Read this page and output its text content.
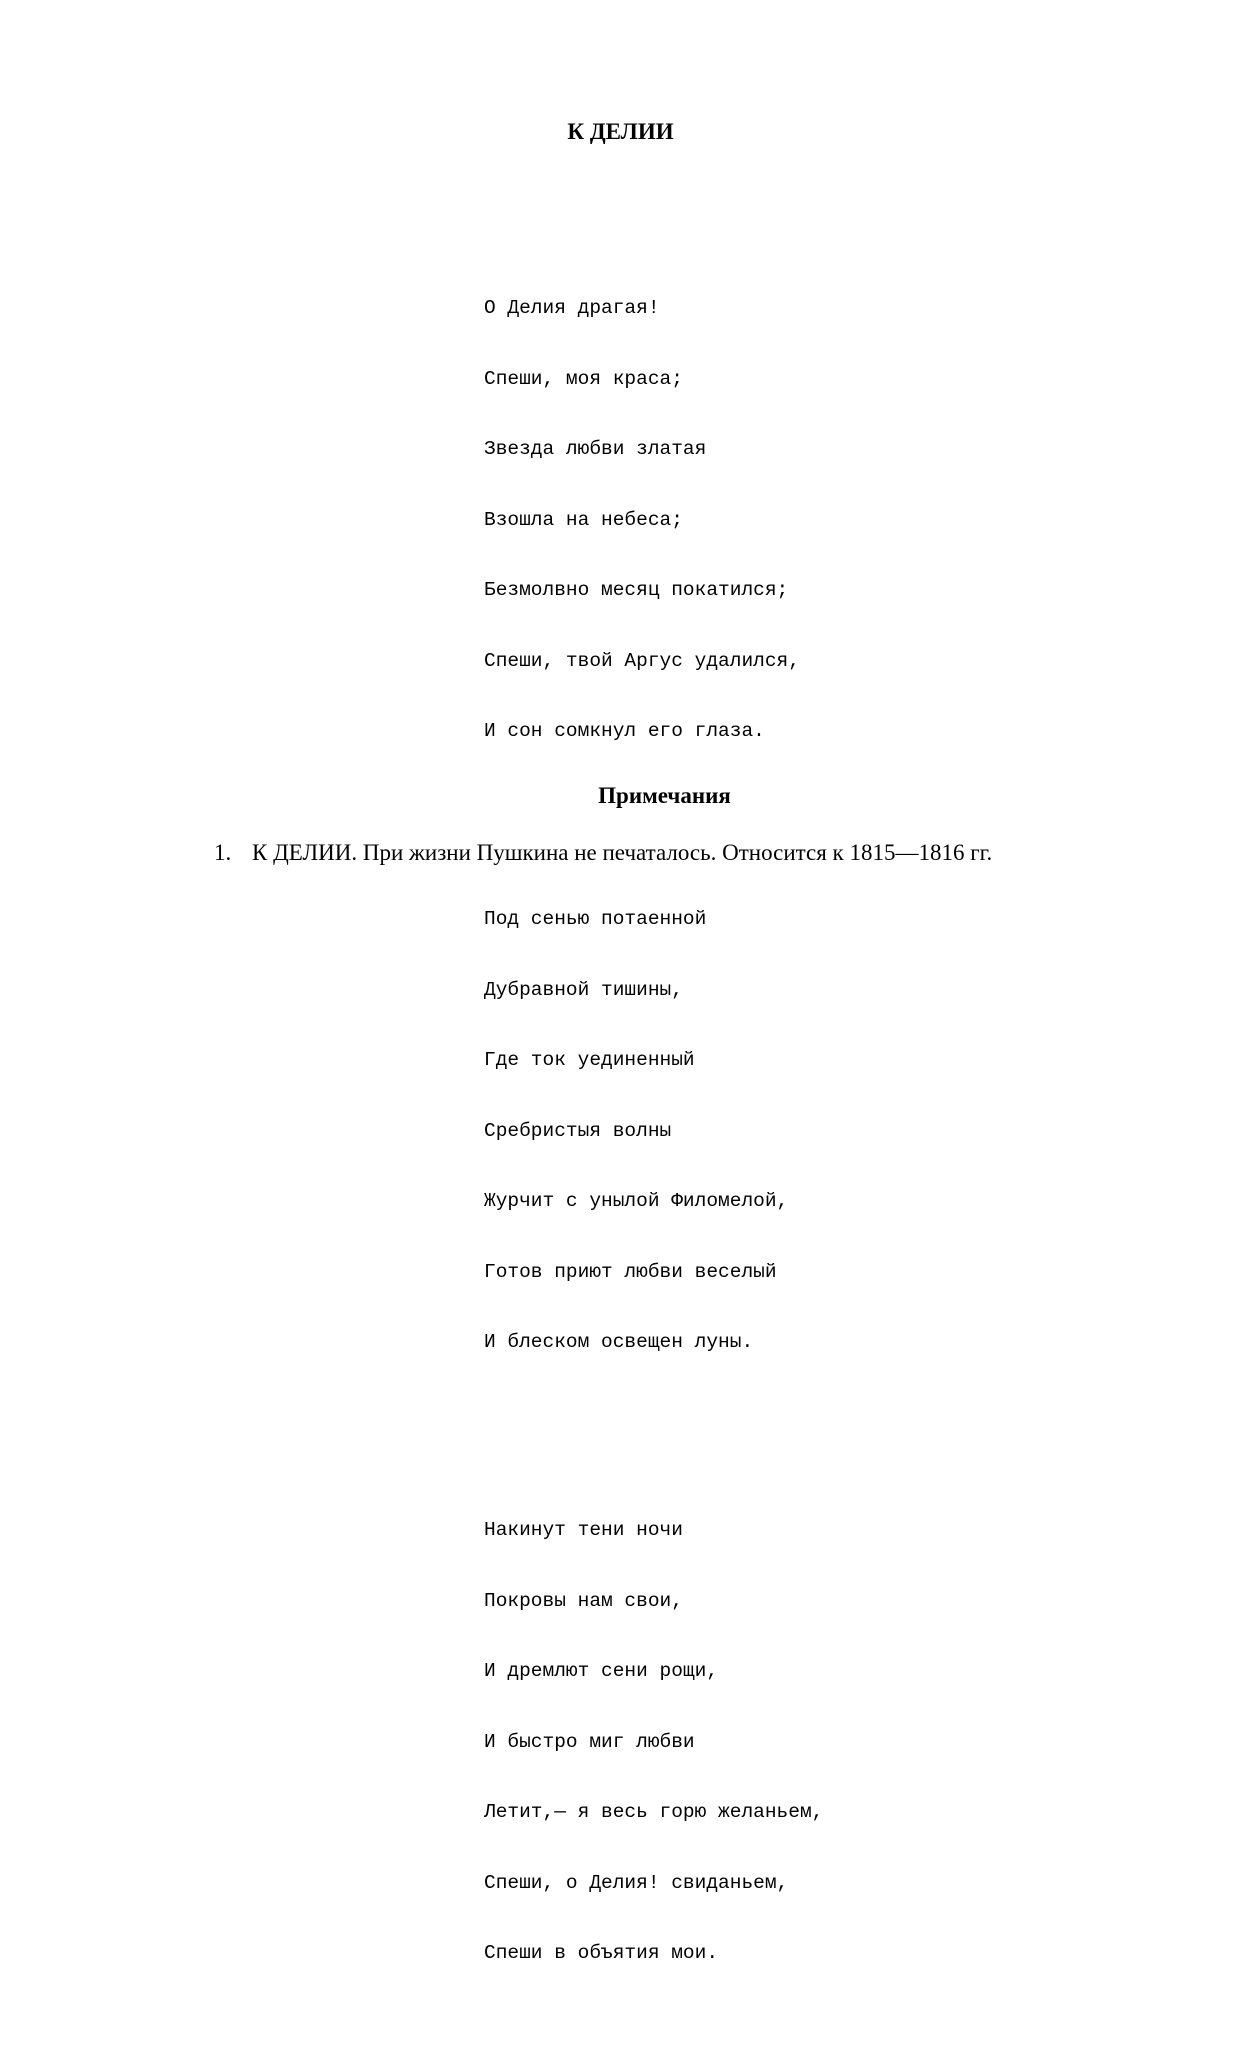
К ДЕЛИИ

О Делия драгая!

Спеши, моя краса;

Звезда любви златая

Взошла на небеса;

Безмолвно месяц покатился;

Спеши, твой Аргус удалился,

И сон сомкнул его глаза.

Под сенью потаенной

Дубравной тишины,

Где ток уединенный

Сребристыя волны

Журчит с унылой Филомелой,

Готов приют любви веселый

И блеском освещен луны.

Накинут тени ночи

Покровы нам свои,

И дремлют сени рощи,

И быстро миг любви

Летит,— я весь горю желаньем,

Спеши, о Делия! свиданьем,

Спеши в объятия мои.

Примечания
1. К ДЕЛИИ. При жизни Пушкина не печаталось. Относится к 1815—1816 гг.
